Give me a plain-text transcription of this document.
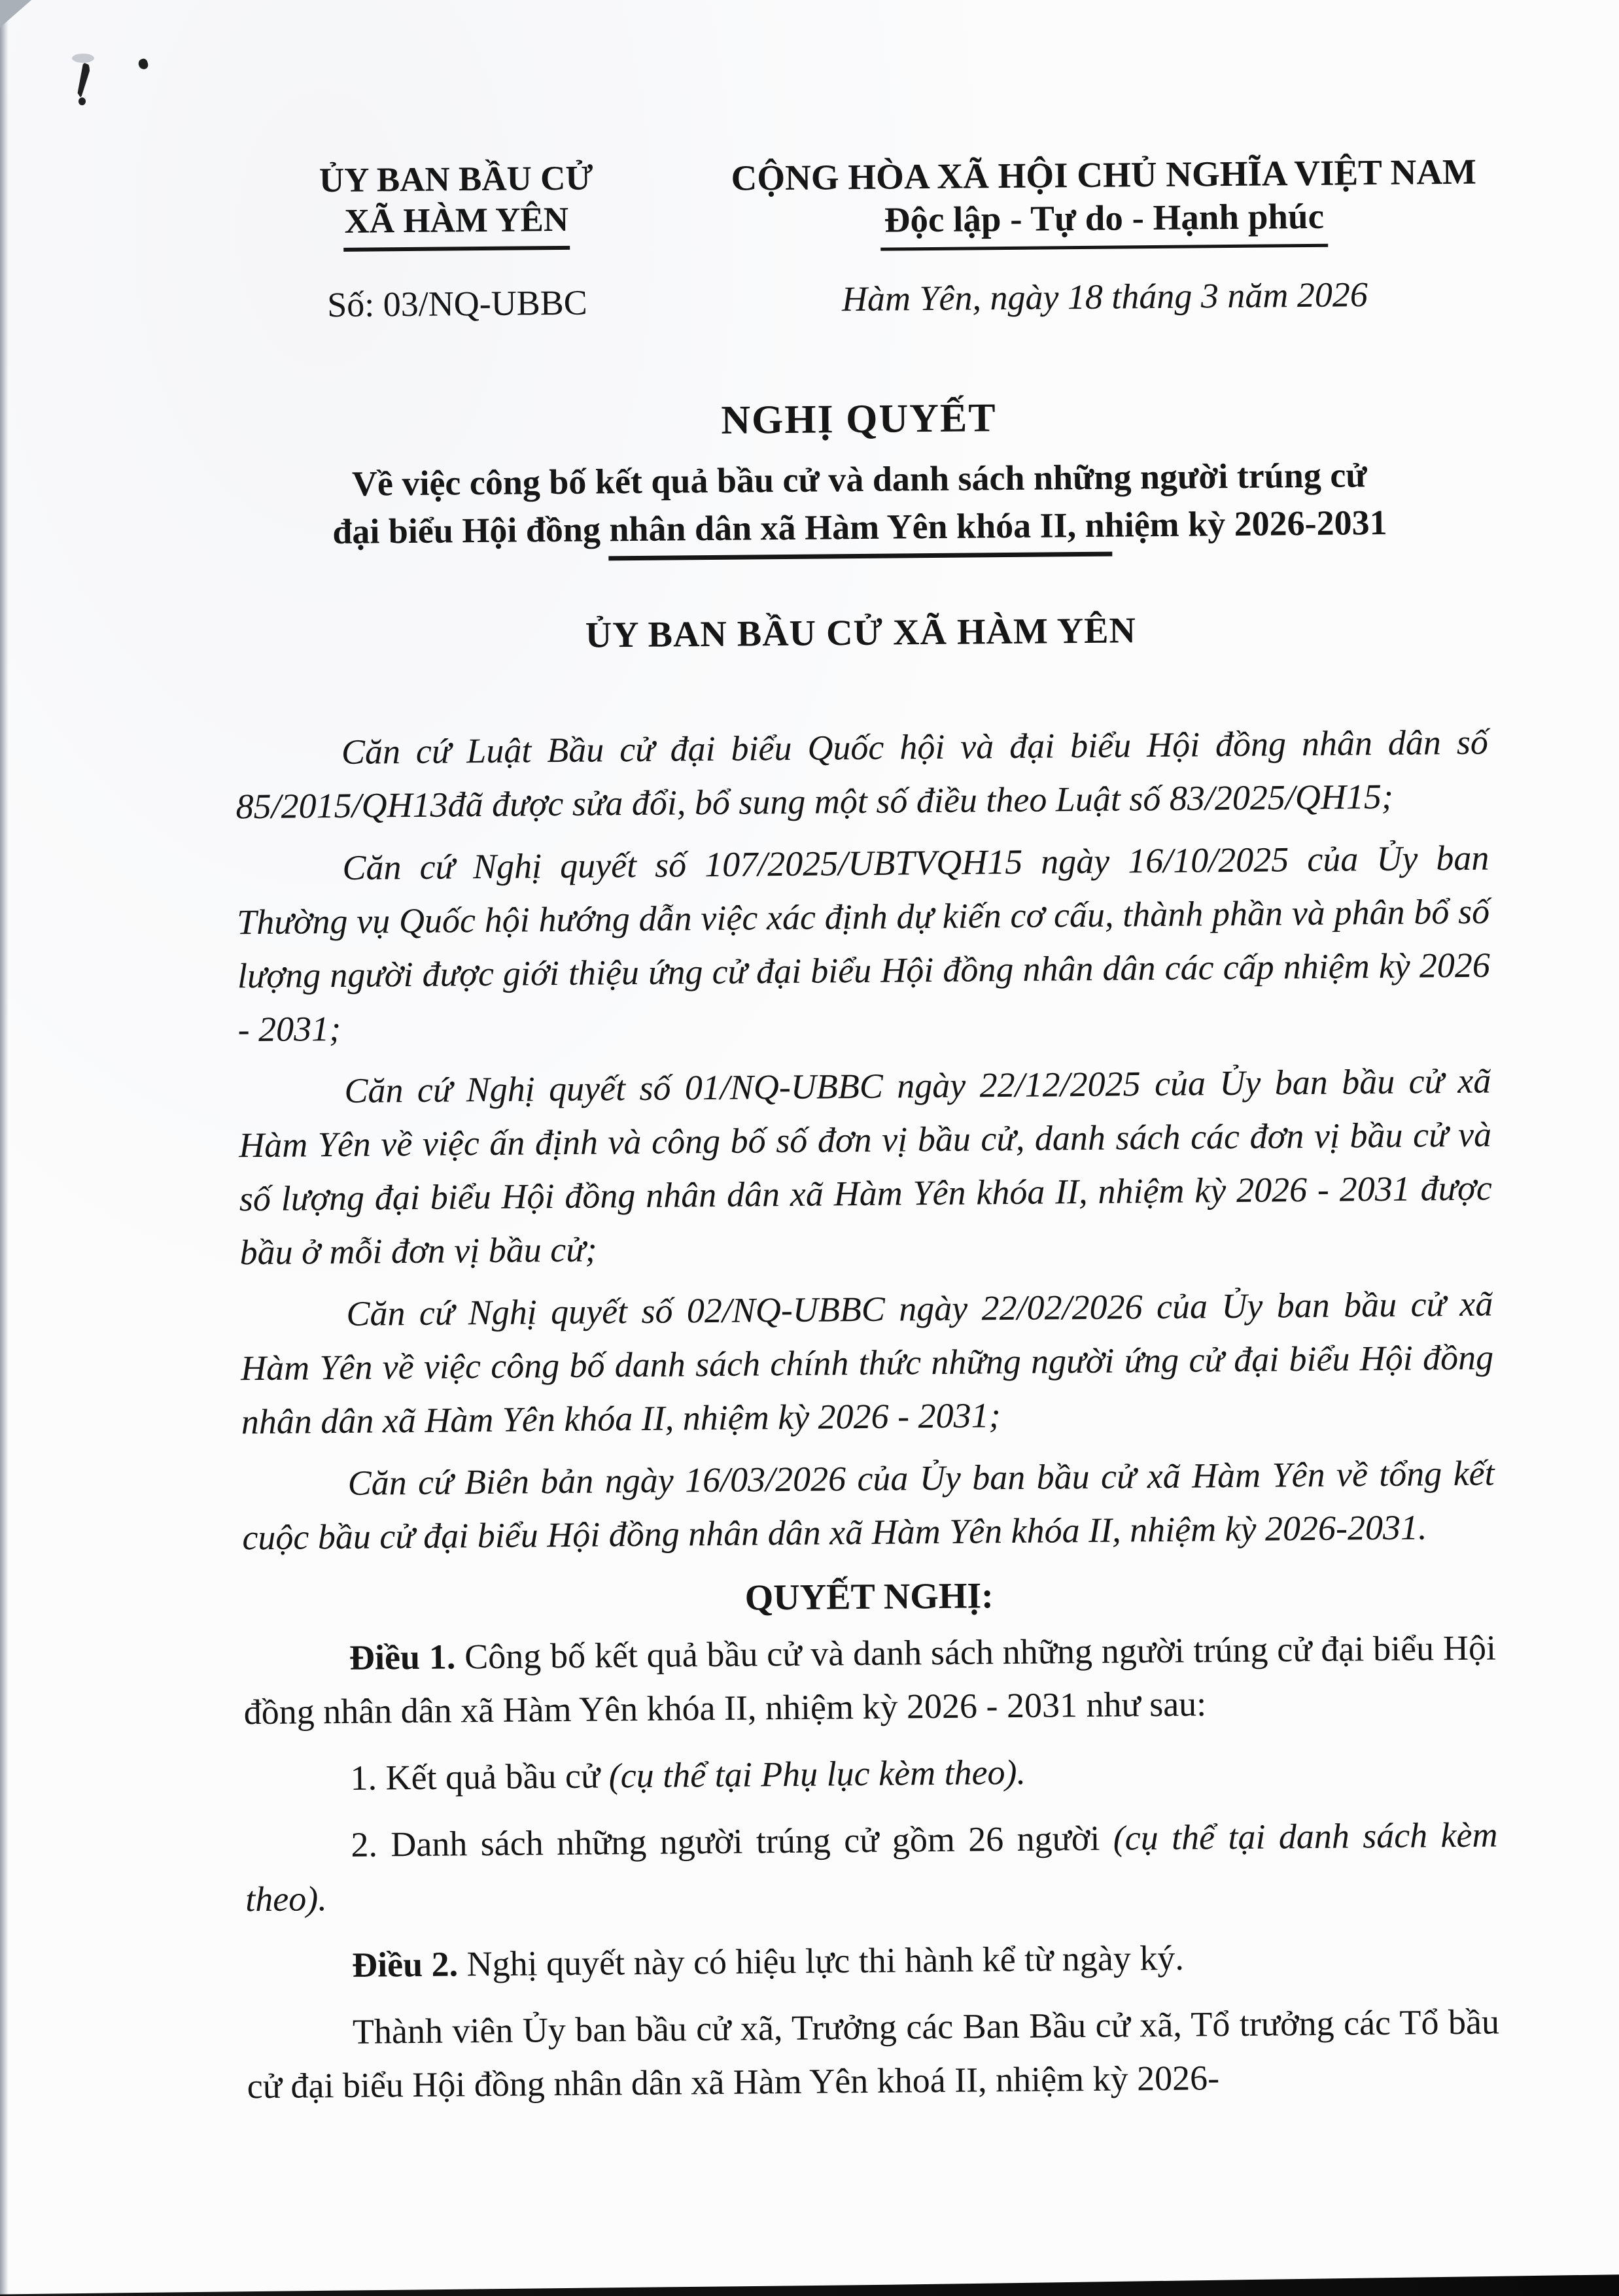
ỦY BAN BẦU CỬ
XÃ HÀM YÊN
Số: 03/NQ-UBBC
CỘNG HÒA XÃ HỘI CHỦ NGHĨA VIỆT NAM
Độc lập - Tự do - Hạnh phúc
Hàm Yên, ngày 18 tháng 3 năm 2026
NGHỊ QUYẾT
Về việc công bố kết quả bầu cử và danh sách những người trúng cử
đại biểu Hội đồng nhân dân xã Hàm Yên khóa II, nhiệm kỳ 2026-2031
ỦY BAN BẦU CỬ XÃ HÀM YÊN

Căn cứ Luật Bầu cử đại biểu Quốc hội và đại biểu Hội đồng nhân dân số 85/2015/QH13đã được sửa đổi, bổ sung một số điều theo Luật số 83/2025/QH15;

Căn cứ Nghị quyết số 107/2025/UBTVQH15 ngày 16/10/2025 của Ủy ban Thường vụ Quốc hội hướng dẫn việc xác định dự kiến cơ cấu, thành phần và phân bổ số lượng người được giới thiệu ứng cử đại biểu Hội đồng nhân dân các cấp nhiệm kỳ 2026 - 2031;

Căn cứ Nghị quyết số 01/NQ-UBBC ngày 22/12/2025 của Ủy ban bầu cử xã Hàm Yên về việc ấn định và công bố số đơn vị bầu cử, danh sách các đơn vị bầu cử và số lượng đại biểu Hội đồng nhân dân xã Hàm Yên khóa II, nhiệm kỳ 2026 - 2031 được bầu ở mỗi đơn vị bầu cử;

Căn cứ Nghị quyết số 02/NQ-UBBC ngày 22/02/2026 của Ủy ban bầu cử xã Hàm Yên về việc công bố danh sách chính thức những người ứng cử đại biểu Hội đồng nhân dân xã Hàm Yên khóa II, nhiệm kỳ 2026 - 2031;

Căn cứ Biên bản ngày 16/03/2026 của Ủy ban bầu cử xã Hàm Yên về tổng kết cuộc bầu cử đại biểu Hội đồng nhân dân xã Hàm Yên khóa II, nhiệm kỳ 2026-2031.

QUYẾT NGHỊ:

Điều 1. Công bố kết quả bầu cử và danh sách những người trúng cử đại biểu Hội đồng nhân dân xã Hàm Yên khóa II, nhiệm kỳ 2026 - 2031 như sau:

1. Kết quả bầu cử (cụ thể tại Phụ lục kèm theo).

2. Danh sách những người trúng cử gồm 26 người (cụ thể tại danh sách kèm theo).

Điều 2. Nghị quyết này có hiệu lực thi hành kể từ ngày ký.

Thành viên Ủy ban bầu cử xã, Trưởng các Ban Bầu cử xã, Tổ trưởng các Tổ bầu cử đại biểu Hội đồng nhân dân xã Hàm Yên khoá II, nhiệm kỳ 2026-
